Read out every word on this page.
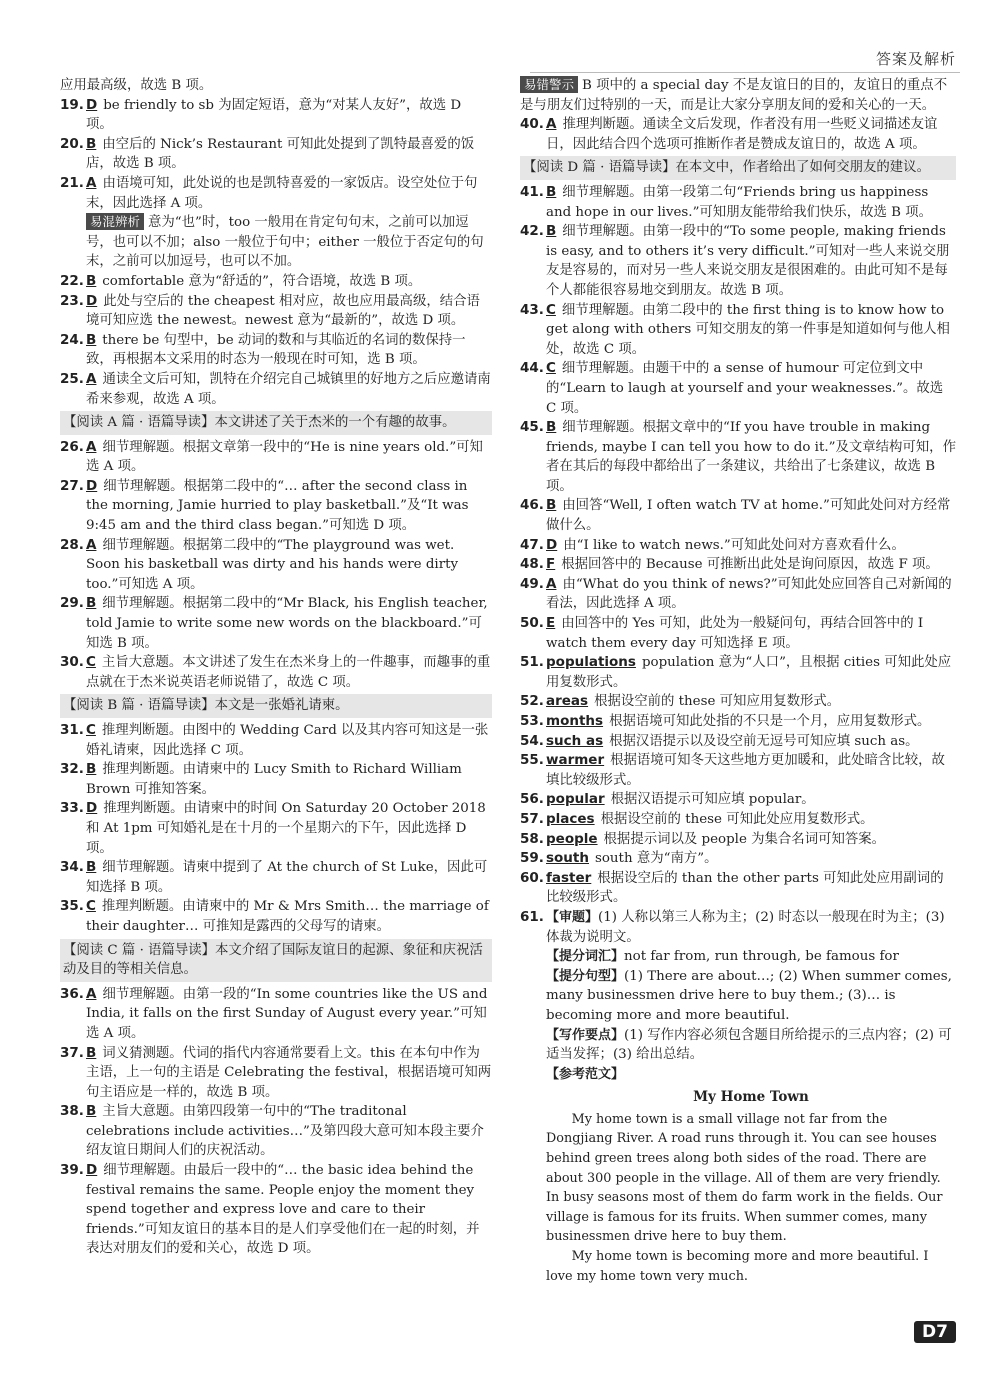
答案及解析

应用最高级，故选 B 项。

19. D be friendly to sb 为固定短语，意为“对某人友好”，故选 D 项。
20. B 由空后的 Nick’s Restaurant 可知此处提到了凯特最喜爱的饭店，故选 B 项。
21. A 由语境可知，此处说的也是凯特喜爱的一家饭店。设空处位于句末，因此选择 A 项。

易混辨析 意为“也”时，too 一般用在肯定句句末，之前可以加逗号，也可以不加；also 一般位于句中；either 一般位于否定句的句末，之前可以加逗号，也可以不加。

22. B comfortable 意为“舒适的”，符合语境，故选 B 项。
23. D 此处与空后的 the cheapest 相对应，故也应用最高级，结合语境可知应选 the newest。newest 意为“最新的”，故选 D 项。
24. B there be 句型中，be 动词的数和与其临近的名词的数保持一致，再根据本文采用的时态为一般现在时可知，选 B 项。
25. A 通读全文后可知，凯特在介绍完自己城镇里的好地方之后应邀请南希来参观，故选 A 项。
【阅读 A 篇 · 语篇导读】本文讲述了关于杰米的一个有趣的故事。
26. A 细节理解题。根据文章第一段中的“He is nine years old.”可知选 A 项。
27. D 细节理解题。根据第二段中的“… after the second class in the morning, Jamie hurried to play basketball.”及“It was 9:45 am and the third class began.”可知选 D 项。
28. A 细节理解题。根据第二段中的“The playground was wet. Soon his basketball was dirty and his hands were dirty too.”可知选 A 项。
29. B 细节理解题。根据第二段中的“Mr Black, his English teacher, told Jamie to write some new words on the blackboard.”可知选 B 项。
30. C 主旨大意题。本文讲述了发生在杰米身上的一件趣事，而趣事的重点就在于杰米说英语老师说错了，故选 C 项。
【阅读 B 篇 · 语篇导读】本文是一张婚礼请柬。
31. C 推理判断题。由图中的 Wedding Card 以及其内容可知这是一张婚礼请柬，因此选择 C 项。
32. B 推理判断题。由请柬中的 Lucy Smith to Richard William Brown 可推知答案。
33. D 推理判断题。由请柬中的时间 On Saturday 20 October 2018 和 At 1pm 可知婚礼是在十月的一个星期六的下午，因此选择 D 项。
34. B 细节理解题。请柬中提到了 At the church of St Luke，因此可知选择 B 项。
35. C 推理判断题。由请柬中的 Mr & Mrs Smith… the marriage of their daughter… 可推知是露西的父母写的请柬。
【阅读 C 篇 · 语篇导读】本文介绍了国际友谊日的起源、象征和庆祝活动及目的等相关信息。
36. A 细节理解题。由第一段的“In some countries like the US and India, it falls on the first Sunday of August every year.”可知选 A 项。
37. B 词义猜测题。代词的指代内容通常要看上文。this 在本句中作为主语，上一句的主语是 Celebrating the festival，根据语境可知两句主语应是一样的，故选 B 项。
38. B 主旨大意题。由第四段第一句中的“The traditonal celebrations include activities…”及第四段大意可知本段主要介绍友谊日期间人们的庆祝活动。
39. D 细节理解题。由最后一段中的“… the basic idea behind the festival remains the same. People enjoy the moment they spend together and express love and care to their friends.”可知友谊日的基本目的是人们享受他们在一起的时刻，并表达对朋友们的爱和关心，故选 D 项。

易错警示 B 项中的 a special day 不是友谊日的目的，友谊日的重点不是与朋友们过特别的一天，而是让大家分享朋友间的爱和关心的一天。

40. A 推理判断题。通读全文后发现，作者没有用一些贬义词描述友谊日，因此结合四个选项可推断作者是赞成友谊日的，故选 A 项。
【阅读 D 篇 · 语篇导读】在本文中，作者给出了如何交朋友的建议。
41. B 细节理解题。由第一段第二句“Friends bring us happiness and hope in our lives.”可知朋友能带给我们快乐，故选 B 项。
42. B 细节理解题。由第一段中的“To some people, making friends is easy, and to others it’s very difficult.”可知对一些人来说交朋友是容易的，而对另一些人来说交朋友是很困难的。由此可知不是每个人都能很容易地交到朋友。故选 B 项。
43. C 细节理解题。由第二段中的 the first thing is to know how to get along with others 可知交朋友的第一件事是知道如何与他人相处，故选 C 项。
44. C 细节理解题。由题干中的 a sense of humour 可定位到文中的“Learn to laugh at yourself and your weaknesses.”。故选 C 项。
45. B 细节理解题。根据文章中的“If you have trouble in making friends, maybe I can tell you how to do it.”及文章结构可知，作者在其后的每段中都给出了一条建议，共给出了七条建议，故选 B 项。
46. B 由回答“Well, I often watch TV at home.”可知此处问对方经常做什么。
47. D 由“I like to watch news.”可知此处问对方喜欢看什么。
48. F 根据回答中的 Because 可推断出此处是询问原因，故选 F 项。
49. A 由“What do you think of news?”可知此处应回答自己对新闻的看法，因此选择 A 项。
50. E 由回答中的 Yes 可知，此处为一般疑问句，再结合回答中的 I watch them every day 可知选择 E 项。
51. populations population 意为“人口”，且根据 cities 可知此处应用复数形式。
52. areas 根据设空前的 these 可知应用复数形式。
53. months 根据语境可知此处指的不只是一个月，应用复数形式。
54. such as 根据汉语提示以及设空前无逗号可知应填 such as。
55. warmer 根据语境可知冬天这些地方更加暖和，此处暗含比较，故填比较级形式。
56. popular 根据汉语提示可知应填 popular。
57. places 根据设空前的 these 可知此处应用复数形式。
58. people 根据提示词以及 people 为集合名词可知答案。
59. south south 意为“南方”。
60. faster 根据设空后的 than the other parts 可知此处应用副词的比较级形式。
61. 【审题】(1) 人称以第三人称为主；(2) 时态以一般现在时为主；(3) 体裁为说明文。

【提分词汇】not far from, run through, be famous for

【提分句型】(1) There are about…; (2) When summer comes, many businessmen drive here to buy them.; (3)… is becoming more and more beautiful.

【写作要点】(1) 写作内容必须包含题目所给提示的三点内容；(2) 可适当发挥；(3) 给出总结。

【参考范文】

My Home Town

My home town is a small village not far from the Dongjiang River. A road runs through it. You can see houses behind green trees along both sides of the road. There are about 300 people in the village. All of them are very friendly. In busy seasons most of them do farm work in the fields. Our village is famous for its fruits. When summer comes, many businessmen drive here to buy them.

My home town is becoming more and more beautiful. I love my home town very much.

D7
